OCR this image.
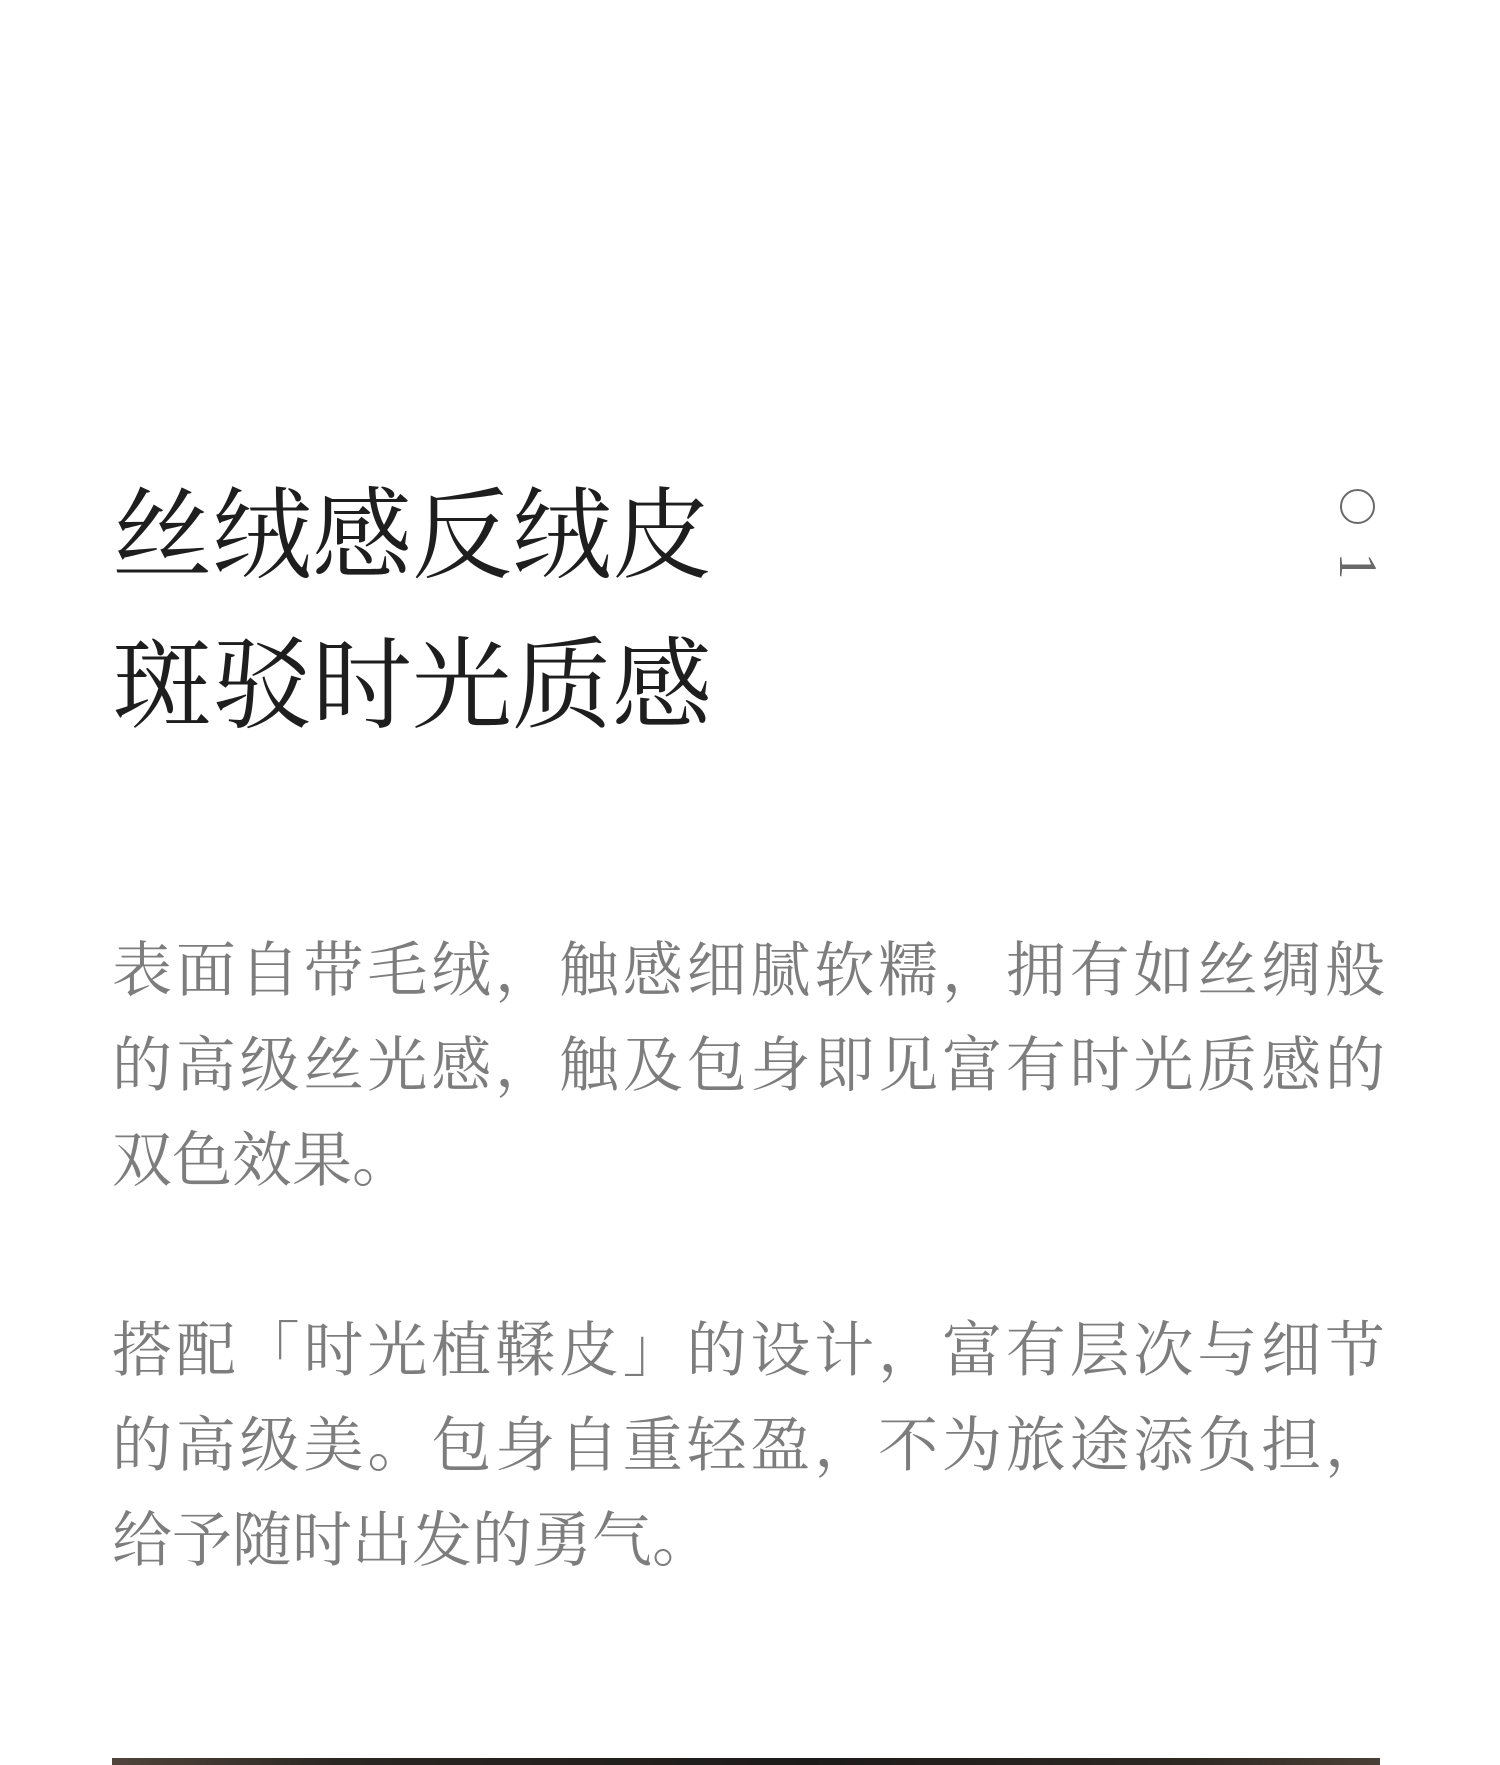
丝绒感反绒皮
斑驳时光质感
1
表面自带毛绒，触感细腻软糯，拥有如丝绸般
的高级丝光感，触及包身即见富有时光质感的
双色效果。
搭配「时光植鞣皮」的设计，富有层次与细节
的高级美。包身自重轻盈，不为旅途添负担，
给予随时出发的勇气。
